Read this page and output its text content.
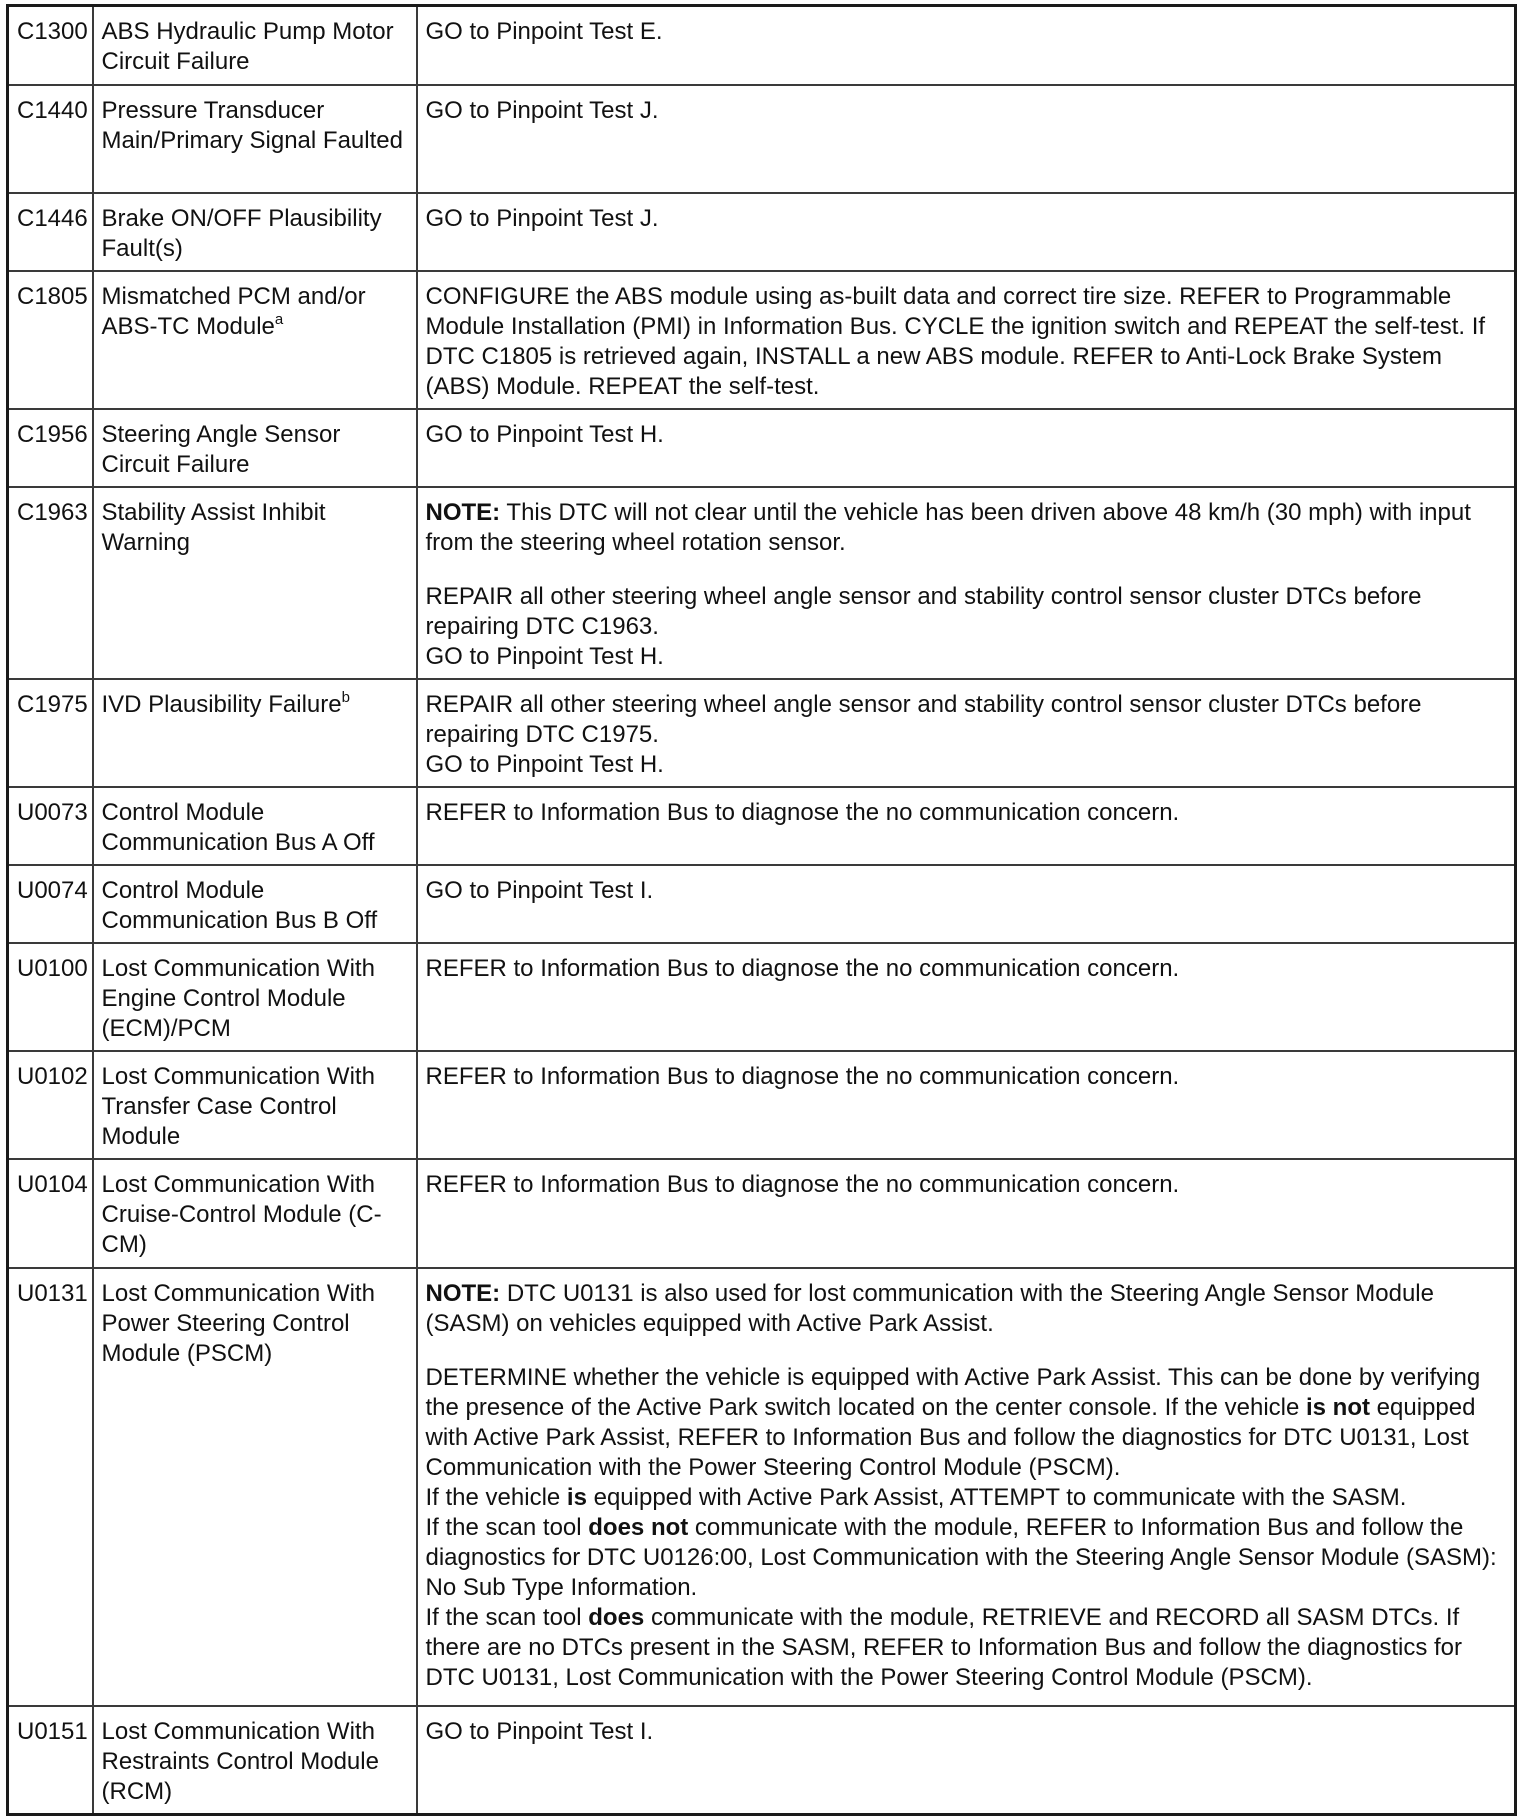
C1300	ABS Hydraulic Pump Motor Circuit Failure	GO to Pinpoint Test E.
C1440	Pressure Transducer Main/Primary Signal Faulted	GO to Pinpoint Test J.
C1446	Brake ON/OFF Plausibility Fault(s)	GO to Pinpoint Test J.
C1805	Mismatched PCM and/or ABS-TC Module$^a$	CONFIGURE the ABS module using as-built data and correct tire size. REFER to Programmable Module Installation (PMI) in Information Bus. CYCLE the ignition switch and REPEAT the self-test. If DTC C1805 is retrieved again, INSTALL a new ABS module. REFER to Anti-Lock Brake System (ABS) Module. REPEAT the self-test.
C1956	Steering Angle Sensor Circuit Failure	GO to Pinpoint Test H.
C1963	Stability Assist Inhibit Warning	NOTE: This DTC will not clear until the vehicle has been driven above 48 km/h (30 mph) with input from the steering wheel rotation sensor.
REPAIR all other steering wheel angle sensor and stability control sensor cluster DTCs before repairing DTC C1963.
GO to Pinpoint Test H.

C1975	IVD Plausibility Failure$^b$	REPAIR all other steering wheel angle sensor and stability control sensor cluster DTCs before repairing DTC C1975.
GO to Pinpoint Test H.

U0073	Control Module Communication Bus A Off	REFER to Information Bus to diagnose the no communication concern.
U0074	Control Module Communication Bus B Off	GO to Pinpoint Test I.
U0100	Lost Communication With Engine Control Module (ECM)/PCM	REFER to Information Bus to diagnose the no communication concern.
U0102	Lost Communication With Transfer Case Control Module	REFER to Information Bus to diagnose the no communication concern.
U0104	Lost Communication With Cruise-Control Module (C-CM)	REFER to Information Bus to diagnose the no communication concern.
U0131	Lost Communication With Power Steering Control Module (PSCM)	NOTE: DTC U0131 is also used for lost communication with the Steering Angle Sensor Module (SASM) on vehicles equipped with Active Park Assist.
DETERMINE whether the vehicle is equipped with Active Park Assist. This can be done by verifying the presence of the Active Park switch located on the center console. If the vehicle is not equipped with Active Park Assist, REFER to Information Bus and follow the diagnostics for DTC U0131, Lost Communication with the Power Steering Control Module (PSCM).
If the vehicle is equipped with Active Park Assist, ATTEMPT to communicate with the SASM.
If the scan tool does not communicate with the module, REFER to Information Bus and follow the diagnostics for DTC U0126:00, Lost Communication with the Steering Angle Sensor Module (SASM): No Sub Type Information.
If the scan tool does communicate with the module, RETRIEVE and RECORD all SASM DTCs. If there are no DTCs present in the SASM, REFER to Information Bus and follow the diagnostics for DTC U0131, Lost Communication with the Power Steering Control Module (PSCM).

U0151	Lost Communication With Restraints Control Module (RCM)	GO to Pinpoint Test I.
